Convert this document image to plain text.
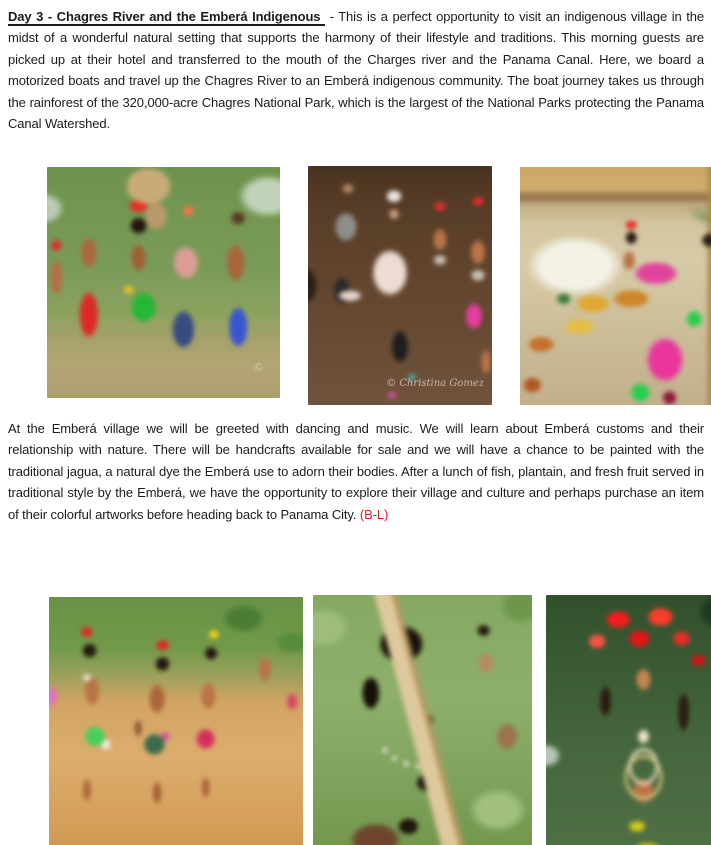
Day 3 - Chagres River and the Emberá Indigenous  - This is a perfect opportunity to visit an indigenous village in the midst of a wonderful natural setting that supports the harmony of their lifestyle and traditions. This morning guests are picked up at their hotel and transferred to the mouth of the Charges river and the Panama Canal. Here, we board a motorized boats and travel up the Chagres River to an Emberá indigenous community. The boat journey takes us through the rainforest of the 320,000-acre Chagres National Park, which is the largest of the National Parks protecting the Panama Canal Watershed.

©
© Christina Gomez

At the Emberá village we will be greeted with dancing and music. We will learn about Emberá customs and their relationship with nature. There will be handcrafts available for sale and we will have a chance to be painted with the traditional jagua, a natural dye the Emberá use to adorn their bodies. After a lunch of fish, plantain, and fresh fruit served in traditional style by the Emberá, we have the opportunity to explore their village and culture and perhaps purchase an item of their colorful artworks before heading back to Panama City. (B-L)
